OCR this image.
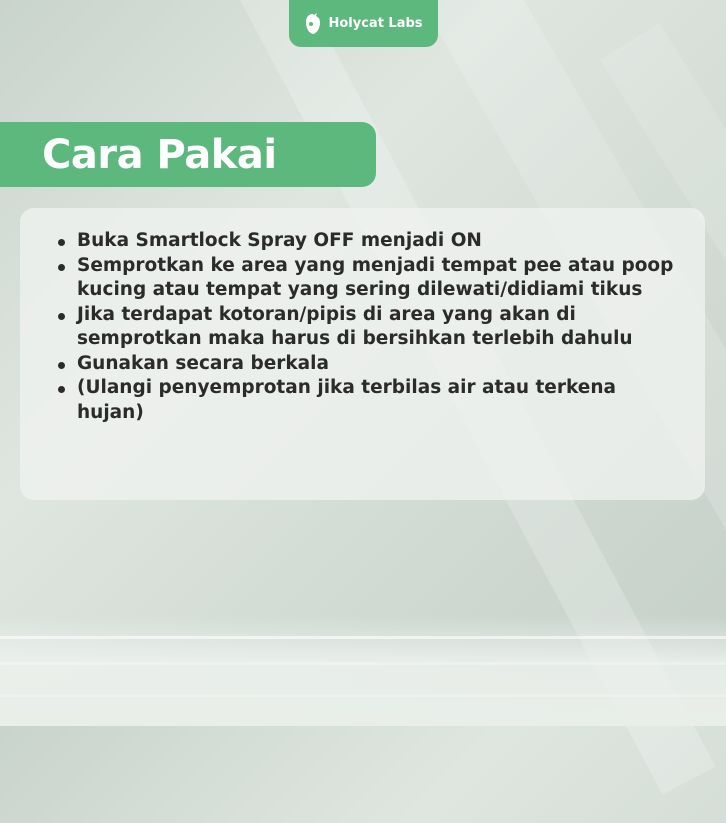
Holycat Labs
Cara Pakai
Buka Smartlock Spray OFF menjadi ON
Semprotkan ke area yang menjadi tempat pee atau poop kucing atau tempat yang sering dilewati/didiami tikus
Jika terdapat kotoran/pipis di area yang akan di semprotkan maka harus di bersihkan terlebih dahulu
Gunakan secara berkala
(Ulangi penyemprotan jika terbilas air atau terkena hujan)
